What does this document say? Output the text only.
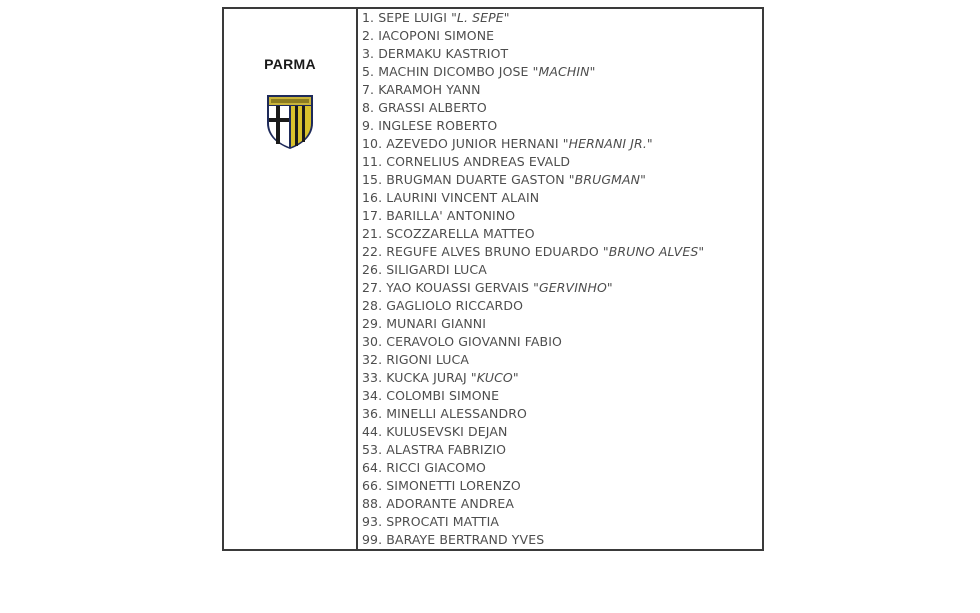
PARMA
	1. SEPE LUIGI "L. SEPE"
2. IACOPONI SIMONE
3. DERMAKU KASTRIOT
5. MACHIN DICOMBO JOSE "MACHIN"
7. KARAMOH YANN
8. GRASSI ALBERTO
9. INGLESE ROBERTO
10. AZEVEDO JUNIOR HERNANI "HERNANI JR."
11. CORNELIUS ANDREAS EVALD
15. BRUGMAN DUARTE GASTON "BRUGMAN"
16. LAURINI VINCENT ALAIN
17. BARILLA' ANTONINO
21. SCOZZARELLA MATTEO
22. REGUFE ALVES BRUNO EDUARDO "BRUNO ALVES"
26. SILIGARDI LUCA
27. YAO KOUASSI GERVAIS "GERVINHO"
28. GAGLIOLO RICCARDO
29. MUNARI GIANNI
30. CERAVOLO GIOVANNI FABIO
32. RIGONI LUCA
33. KUCKA JURAJ "KUCO"
34. COLOMBI SIMONE
36. MINELLI ALESSANDRO
44. KULUSEVSKI DEJAN
53. ALASTRA FABRIZIO
64. RICCI GIACOMO
66. SIMONETTI LORENZO
88. ADORANTE ANDREA
93. SPROCATI MATTIA
99. BARAYE BERTRAND YVES
